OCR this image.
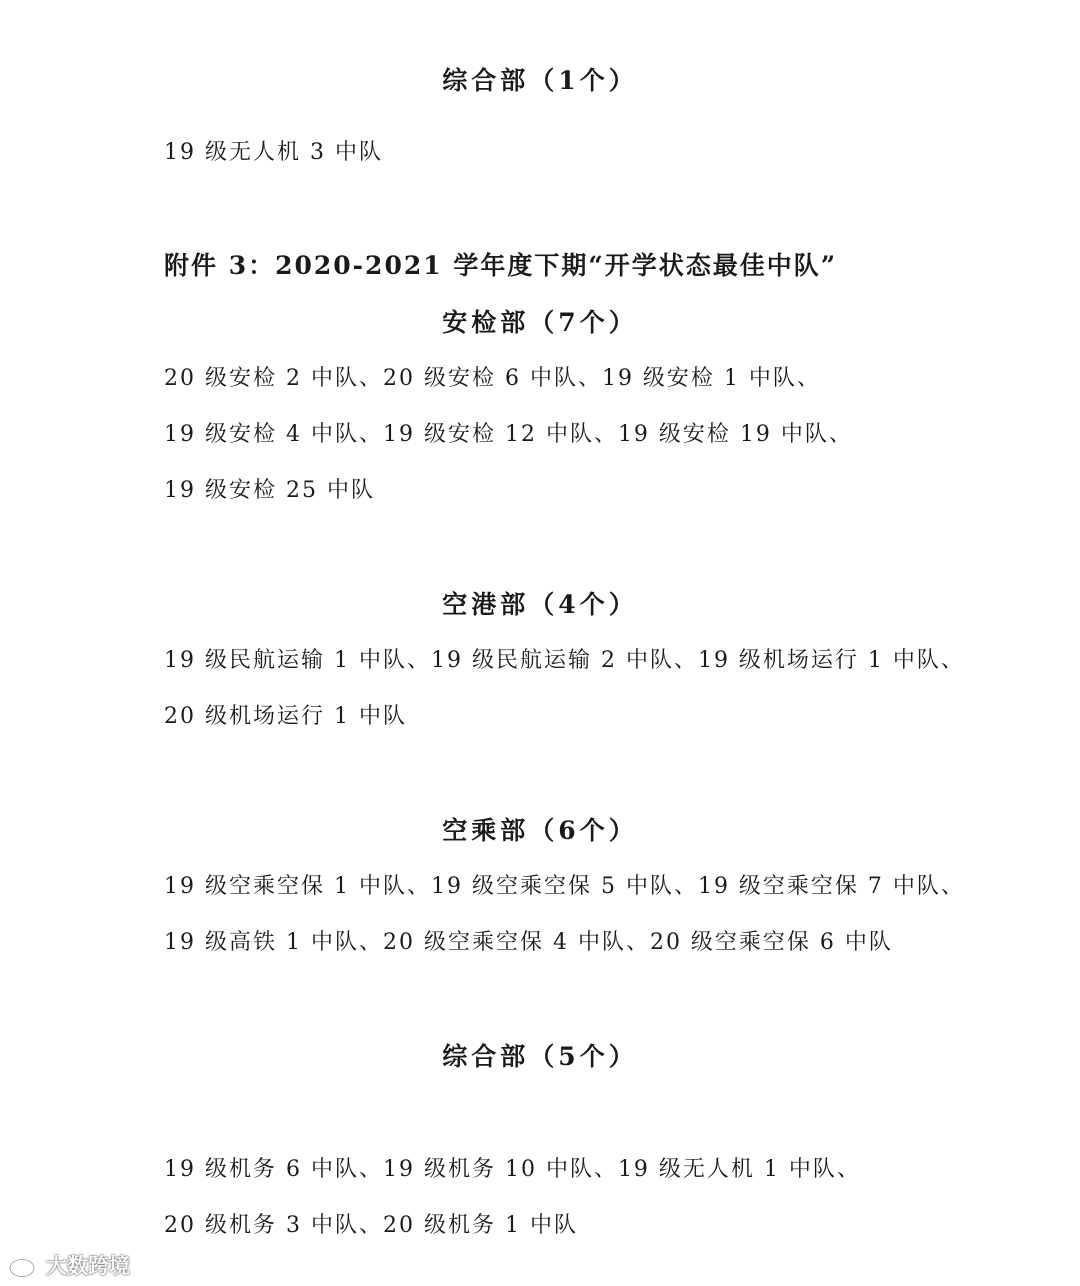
综合部（1个）
19 级无人机 3 中队
附件 3：2020-2021 学年度下期“开学状态最佳中队”
安检部（7个）
20 级安检 2 中队、20 级安检 6 中队、19 级安检 1 中队、
19 级安检 4 中队、19 级安检 12 中队、19 级安检 19 中队、
19 级安检 25 中队
空港部（4个）
19 级民航运输 1 中队、19 级民航运输 2 中队、19 级机场运行 1 中队、
20 级机场运行 1 中队
空乘部（6个）
19 级空乘空保 1 中队、19 级空乘空保 5 中队、19 级空乘空保 7 中队、
19 级高铁 1 中队、20 级空乘空保 4 中队、20 级空乘空保 6 中队
综合部（5个）
19 级机务 6 中队、19 级机务 10 中队、19 级无人机 1 中队、
20 级机务 3 中队、20 级机务 1 中队
大数跨境
